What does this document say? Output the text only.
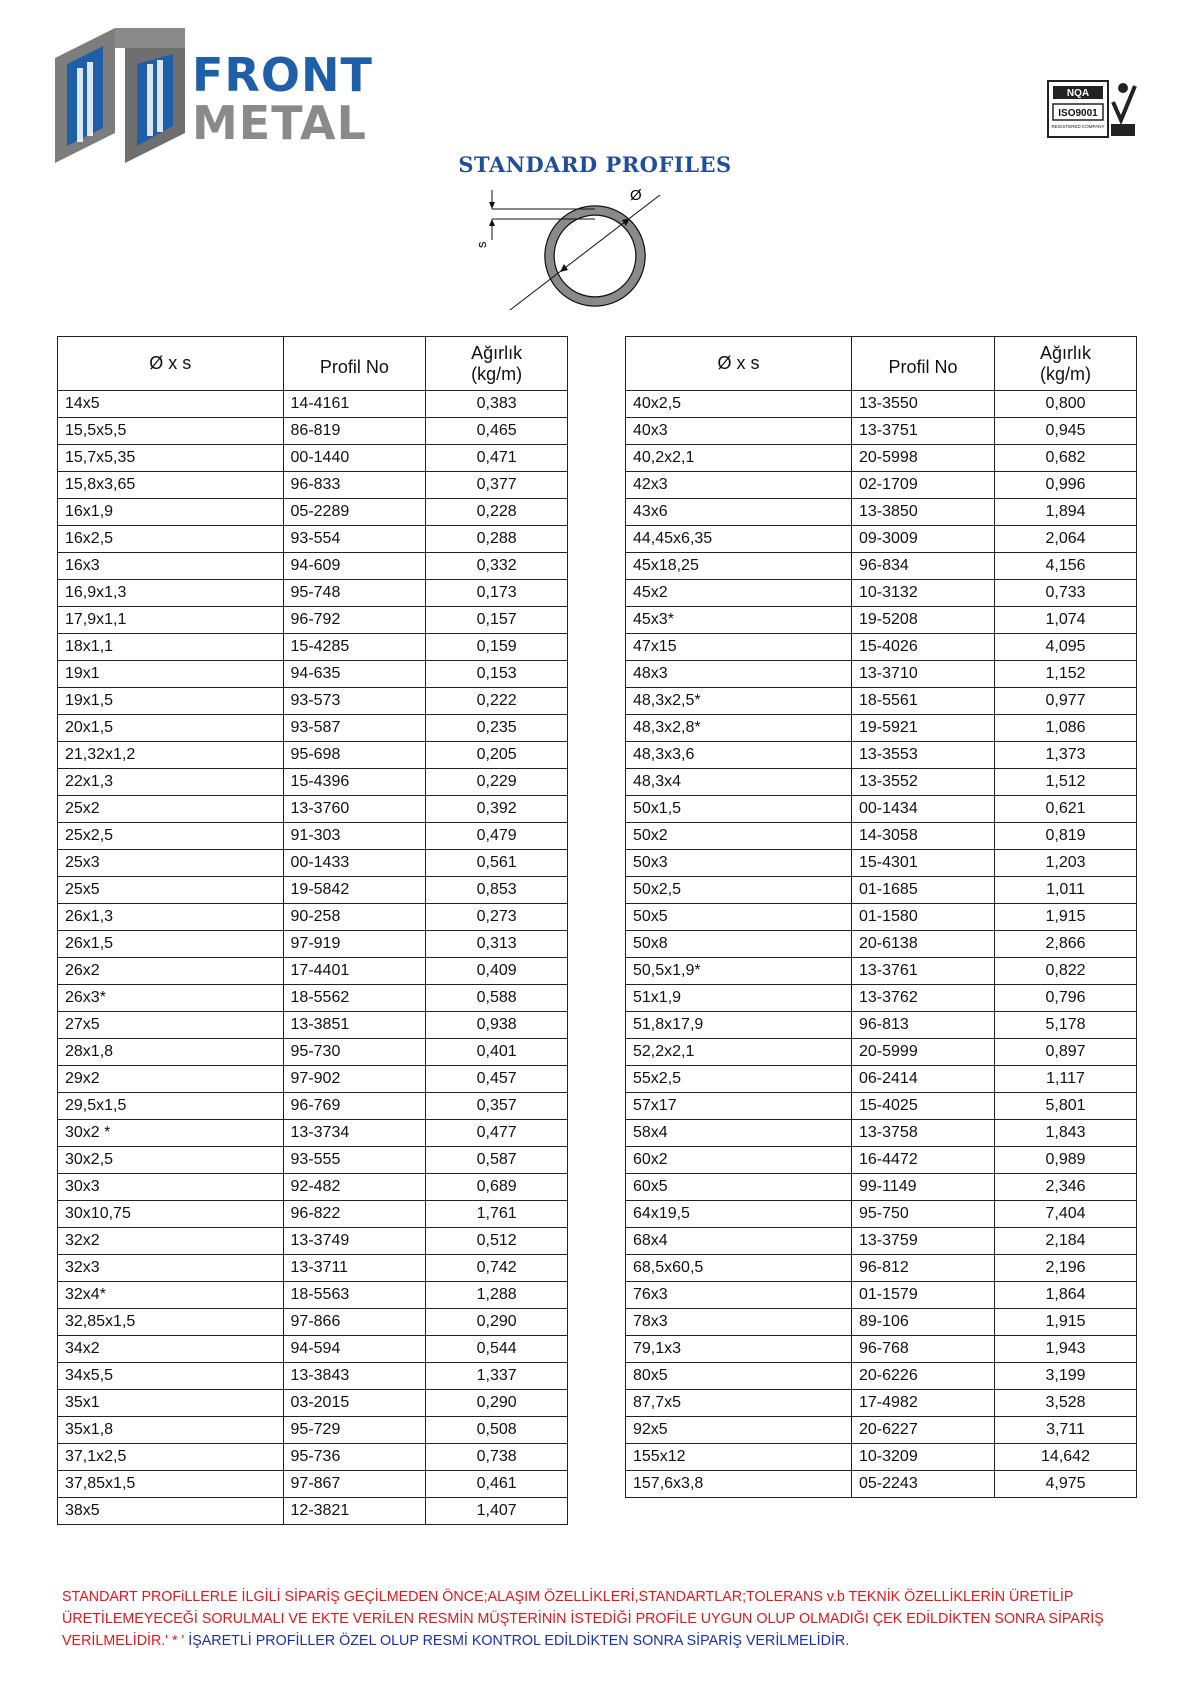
FRONT
METAL
NQA
ISO9001
REGISTERED COMPANY
STANDARD PROFILES
s
Ø
Ø x s	Profil No	Ağırlık
(kg/m)

14x5	14-4161	0,383
15,5x5,5	86-819	0,465
15,7x5,35	00-1440	0,471
15,8x3,65	96-833	0,377
16x1,9	05-2289	0,228
16x2,5	93-554	0,288
16x3	94-609	0,332
16,9x1,3	95-748	0,173
17,9x1,1	96-792	0,157
18x1,1	15-4285	0,159
19x1	94-635	0,153
19x1,5	93-573	0,222
20x1,5	93-587	0,235
21,32x1,2	95-698	0,205
22x1,3	15-4396	0,229
25x2	13-3760	0,392
25x2,5	91-303	0,479
25x3	00-1433	0,561
25x5	19-5842	0,853
26x1,3	90-258	0,273
26x1,5	97-919	0,313
26x2	17-4401	0,409
26x3*	18-5562	0,588
27x5	13-3851	0,938
28x1,8	95-730	0,401
29x2	97-902	0,457
29,5x1,5	96-769	0,357
30x2 *	13-3734	0,477
30x2,5	93-555	0,587
30x3	92-482	0,689
30x10,75	96-822	1,761
32x2	13-3749	0,512
32x3	13-3711	0,742
32x4*	18-5563	1,288
32,85x1,5	97-866	0,290
34x2	94-594	0,544
34x5,5	13-3843	1,337
35x1	03-2015	0,290
35x1,8	95-729	0,508
37,1x2,5	95-736	0,738
37,85x1,5	97-867	0,461
38x5	12-3821	1,407
Ø x s	Profil No	Ağırlık
(kg/m)

40x2,5	13-3550	0,800
40x3	13-3751	0,945
40,2x2,1	20-5998	0,682
42x3	02-1709	0,996
43x6	13-3850	1,894
44,45x6,35	09-3009	2,064
45x18,25	96-834	4,156
45x2	10-3132	0,733
45x3*	19-5208	1,074
47x15	15-4026	4,095
48x3	13-3710	1,152
48,3x2,5*	18-5561	0,977
48,3x2,8*	19-5921	1,086
48,3x3,6	13-3553	1,373
48,3x4	13-3552	1,512
50x1,5	00-1434	0,621
50x2	14-3058	0,819
50x3	15-4301	1,203
50x2,5	01-1685	1,011
50x5	01-1580	1,915
50x8	20-6138	2,866
50,5x1,9*	13-3761	0,822
51x1,9	13-3762	0,796
51,8x17,9	96-813	5,178
52,2x2,1	20-5999	0,897
55x2,5	06-2414	1,117
57x17	15-4025	5,801
58x4	13-3758	1,843
60x2	16-4472	0,989
60x5	99-1149	2,346
64x19,5	95-750	7,404
68x4	13-3759	2,184
68,5x60,5	96-812	2,196
76x3	01-1579	1,864
78x3	89-106	1,915
79,1x3	96-768	1,943
80x5	20-6226	3,199
87,7x5	17-4982	3,528
92x5	20-6227	3,711
155x12	10-3209	14,642
157,6x3,8	05-2243	4,975
STANDART PROFiLLERLE İLGİLİ SİPARİŞ GEÇİLMEDEN ÖNCE;ALAŞIM ÖZELLİKLERİ,STANDARTLAR;TOLERANS v.b TEKNİK ÖZELLİKLERİN ÜRETİLİP ÜRETİLEMEYECEĞİ SORULMALI VE EKTE VERİLEN RESMİN MÜŞTERİNİN İSTEDİĞİ PROFİLE UYGUN OLUP OLMADIĞI ÇEK EDİLDİKTEN SONRA SİPARİŞ VERİLMELİDİR.' * ' İŞARETLİ PROFİLLER ÖZEL OLUP RESMİ KONTROL EDİLDİKTEN SONRA SİPARİŞ VERİLMELİDİR.
